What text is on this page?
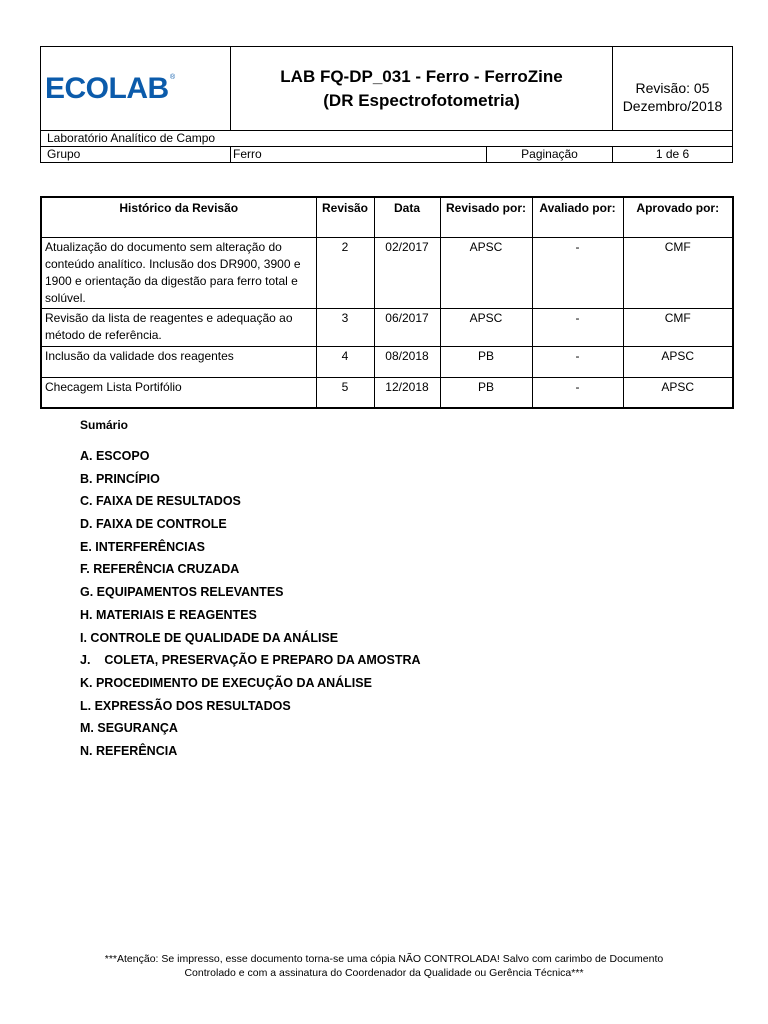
ECOLAB ®	LAB FQ-DP_031 - Ferro - FerroZine
(DR Espectrofotometria)
Revisão: 05
Dezembro/2018
Laboratório Analítico de Campo
Grupo	Ferro	Paginação	1 de 6
Histórico da Revisão	Revisão	Data	Revisado por:	Avaliado por:	Aprovado por:
Atualização do documento sem alteração do conteúdo analítico. Inclusão dos DR900, 3900 e 1900 e orientação da digestão para ferro total e solúvel.	2	02/2017	APSC	-	CMF
Revisão da lista de reagentes e adequação ao método de referência.	3	06/2017	APSC	-	CMF
Inclusão da validade dos reagentes	4	08/2018	PB	-	APSC
Checagem Lista Portifólio	5	12/2018	PB	-	APSC
Sumário
A. ESCOPO
B. PRINCÍPIO
C. FAIXA DE RESULTADOS
D. FAIXA DE CONTROLE
E. INTERFERÊNCIAS
F. REFERÊNCIA CRUZADA
G. EQUIPAMENTOS RELEVANTES
H. MATERIAIS E REAGENTES
I. CONTROLE DE QUALIDADE DA ANÁLISE
J.    COLETA, PRESERVAÇÃO E PREPARO DA AMOSTRA
K. PROCEDIMENTO DE EXECUÇÃO DA ANÁLISE
L. EXPRESSÃO DOS RESULTADOS
M. SEGURANÇA
N. REFERÊNCIA
***Atenção: Se impresso, esse documento torna-se uma cópia NÃO CONTROLADA! Salvo com carimbo de Documento
Controlado e com a assinatura do Coordenador da Qualidade ou Gerência Técnica***
